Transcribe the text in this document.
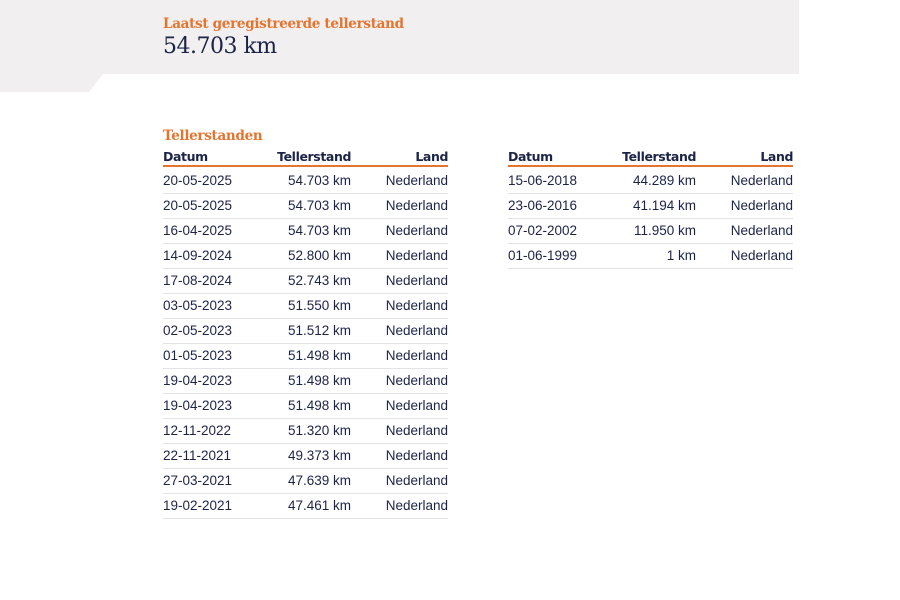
Laatst geregistreerde tellerstand
54.703 km
Tellerstanden
Datum	Tellerstand	Land
20-05-2025	54.703 km	Nederland
20-05-2025	54.703 km	Nederland
16-04-2025	54.703 km	Nederland
14-09-2024	52.800 km	Nederland
17-08-2024	52.743 km	Nederland
03-05-2023	51.550 km	Nederland
02-05-2023	51.512 km	Nederland
01-05-2023	51.498 km	Nederland
19-04-2023	51.498 km	Nederland
19-04-2023	51.498 km	Nederland
12-11-2022	51.320 km	Nederland
22-11-2021	49.373 km	Nederland
27-03-2021	47.639 km	Nederland
19-02-2021	47.461 km	Nederland
Datum	Tellerstand	Land
15-06-2018	44.289 km	Nederland
23-06-2016	41.194 km	Nederland
07-02-2002	11.950 km	Nederland
01-06-1999	1 km	Nederland
